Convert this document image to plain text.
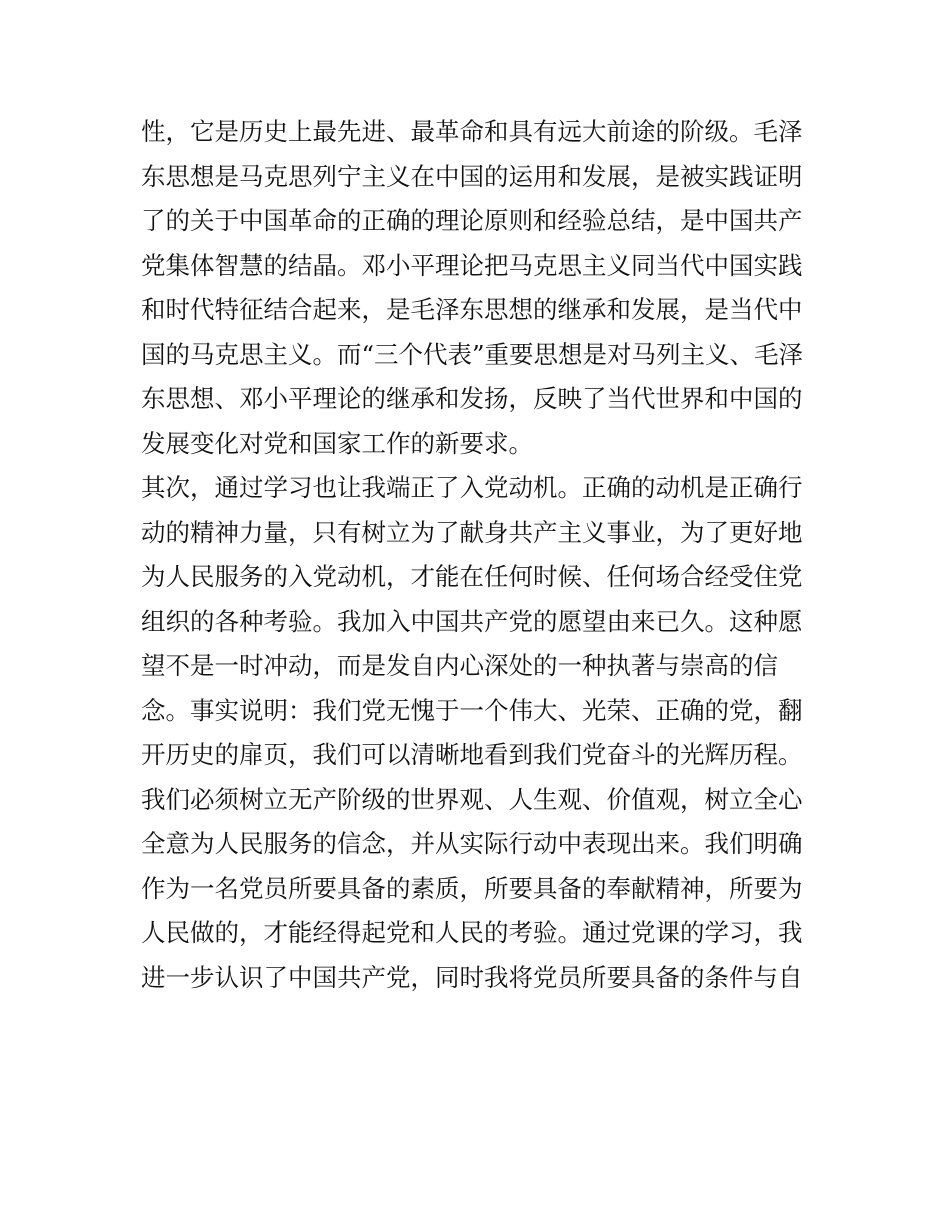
性，它是历史上最先进、最革命和具有远大前途的阶级。毛泽
东思想是马克思列宁主义在中国的运用和发展，是被实践证明
了的关于中国革命的正确的理论原则和经验总结，是中国共产
党集体智慧的结晶。邓小平理论把马克思主义同当代中国实践
和时代特征结合起来，是毛泽东思想的继承和发展，是当代中
国的马克思主义。而“三个代表”重要思想是对马列主义、毛泽
东思想、邓小平理论的继承和发扬，反映了当代世界和中国的
发展变化对党和国家工作的新要求。
其次，通过学习也让我端正了入党动机。正确的动机是正确行
动的精神力量，只有树立为了献身共产主义事业，为了更好地
为人民服务的入党动机，才能在任何时候、任何场合经受住党
组织的各种考验。我加入中国共产党的愿望由来已久。这种愿
望不是一时冲动，而是发自内心深处的一种执著与崇高的信
念。事实说明：我们党无愧于一个伟大、光荣、正确的党，翻
开历史的扉页，我们可以清晰地看到我们党奋斗的光辉历程。
我们必须树立无产阶级的世界观、人生观、价值观，树立全心
全意为人民服务的信念，并从实际行动中表现出来。我们明确
作为一名党员所要具备的素质，所要具备的奉献精神，所要为
人民做的，才能经得起党和人民的考验。通过党课的学习，我
进一步认识了中国共产党，同时我将党员所要具备的条件与自
